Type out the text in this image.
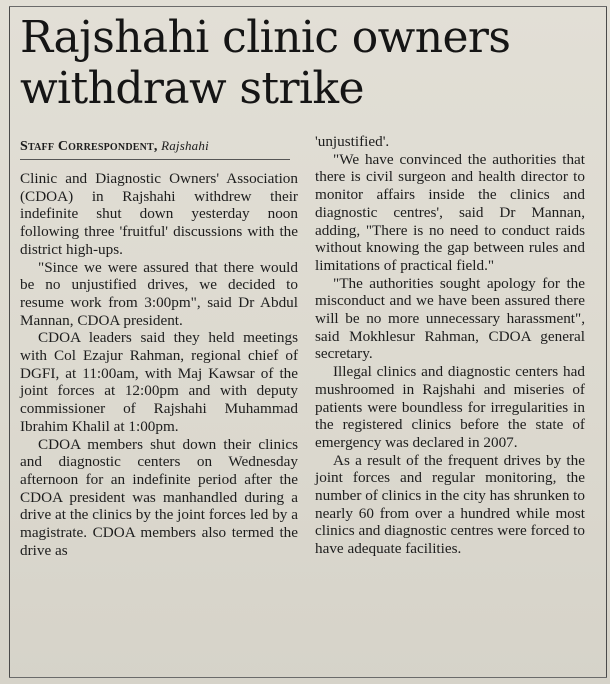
Rajshahi clinic owners withdraw strike
Staff Correspondent, Rajshahi

Clinic and Diagnostic Owners' Association (CDOA) in Rajshahi withdrew their indefinite shut down yesterday noon following three 'fruitful' discussions with the district high-ups.

"Since we were assured that there would be no unjustified drives, we decided to resume work from 3:00pm", said Dr Abdul Mannan, CDOA president.

CDOA leaders said they held meetings with Col Ezajur Rahman, regional chief of DGFI, at 11:00am, with Maj Kawsar of the joint forces at 12:00pm and with deputy commissioner of Rajshahi Muhammad Ibrahim Khalil at 1:00pm.

CDOA members shut down their clinics and diagnostic centers on Wednesday afternoon for an indefinite period after the CDOA president was manhandled during a drive at the clinics by the joint forces led by a magistrate. CDOA members also termed the drive as

'unjustified'.

"We have convinced the authorities that there is civil surgeon and health director to monitor affairs inside the clinics and diagnostic centres', said Dr Mannan, adding, "There is no need to conduct raids without knowing the gap between rules and limitations of practical field."

"The authorities sought apology for the misconduct and we have been assured there will be no more unnecessary harassment", said Mokhlesur Rahman, CDOA general secretary.

Illegal clinics and diagnostic centers had mushroomed in Rajshahi and miseries of patients were boundless for irregularities in the registered clinics before the state of emergency was declared in 2007.

As a result of the frequent drives by the joint forces and regular monitoring, the number of clinics in the city has shrunken to nearly 60 from over a hundred while most clinics and diagnostic centres were forced to have adequate facilities.
